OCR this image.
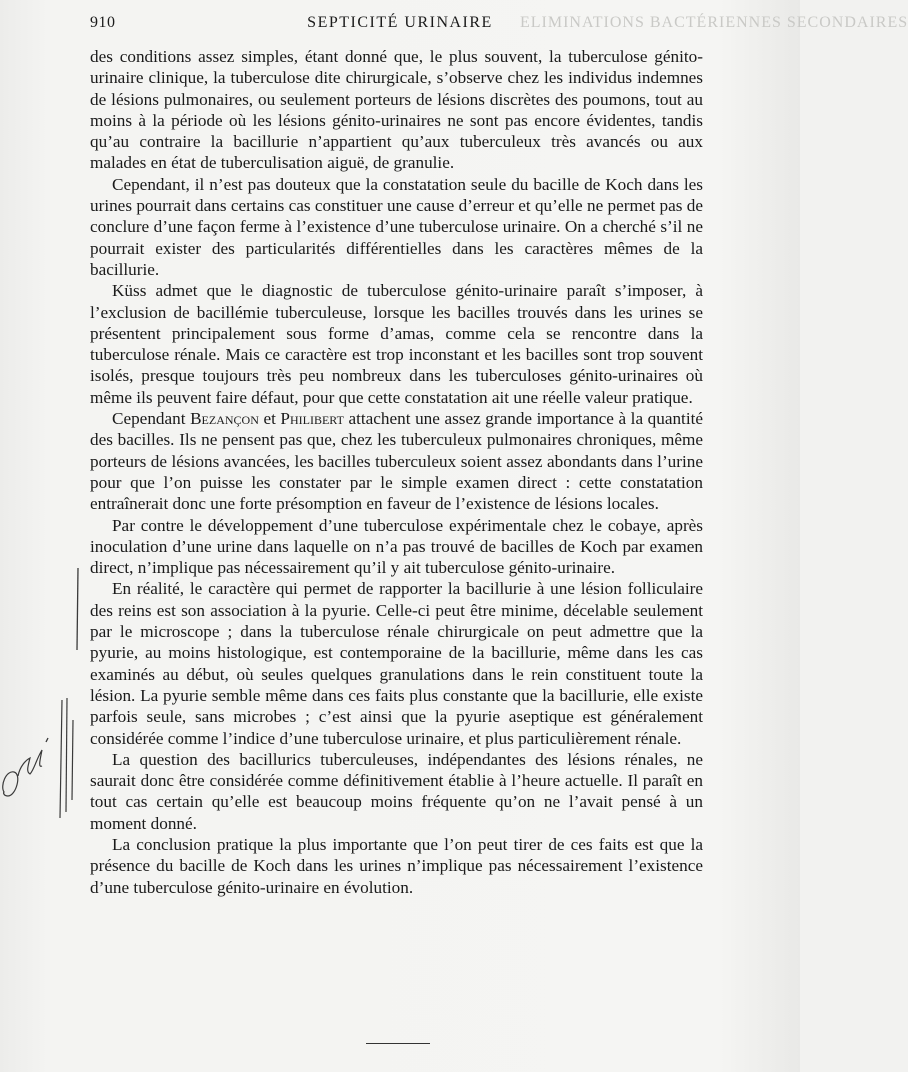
ELIMINATIONS BACTÉRIENNES SECONDAIRES
910	SEPTICITÉ URINAIRE

des conditions assez simples, étant donné que, le plus souvent, la tuberculose génito-urinaire clinique, la tuberculose dite chirurgicale, s’observe chez les individus indemnes de lésions pulmonaires, ou seulement porteurs de lésions discrètes des poumons, tout au moins à la période où les lésions génito-urinaires ne sont pas encore évidentes, tandis qu’au contraire la bacillurie n’appartient qu’aux tuberculeux très avancés ou aux malades en état de tuberculisation aiguë, de granulie.

Cependant, il n’est pas douteux que la constatation seule du bacille de Koch dans les urines pourrait dans certains cas constituer une cause d’erreur et qu’elle ne permet pas de conclure d’une façon ferme à l’existence d’une tuberculose urinaire. On a cherché s’il ne pourrait exister des particularités différentielles dans les caractères mêmes de la bacillurie.

Küss admet que le diagnostic de tuberculose génito-urinaire paraît s’imposer, à l’exclusion de bacillémie tuberculeuse, lorsque les bacilles trouvés dans les urines se présentent principalement sous forme d’amas, comme cela se rencontre dans la tuberculose rénale. Mais ce caractère est trop inconstant et les bacilles sont trop souvent isolés, presque toujours très peu nombreux dans les tuberculoses génito-urinaires où même ils peuvent faire défaut, pour que cette constatation ait une réelle valeur pratique.

Cependant Bezançon et Philibert attachent une assez grande importance à la quantité des bacilles. Ils ne pensent pas que, chez les tuberculeux pulmonaires chroniques, même porteurs de lésions avancées, les bacilles tuberculeux soient assez abondants dans l’urine pour que l’on puisse les constater par le simple examen direct : cette constatation entraînerait donc une forte présomption en faveur de l’existence de lésions locales.

Par contre le développement d’une tuberculose expérimentale chez le cobaye, après inoculation d’une urine dans laquelle on n’a pas trouvé de bacilles de Koch par examen direct, n’implique pas nécessairement qu’il y ait tuberculose génito-urinaire.

En réalité, le caractère qui permet de rapporter la bacillurie à une lésion folliculaire des reins est son association à la pyurie. Celle-ci peut être minime, décelable seulement par le microscope ; dans la tuberculose rénale chirurgicale on peut admettre que la pyurie, au moins histologique, est contemporaine de la bacillurie, même dans les cas examinés au début, où seules quelques granulations dans le rein constituent toute la lésion. La pyurie semble même dans ces faits plus constante que la bacillurie, elle existe parfois seule, sans microbes ; c’est ainsi que la pyurie aseptique est généralement considérée comme l’indice d’une tuberculose urinaire, et plus particulièrement rénale.

La question des bacillurics tuberculeuses, indépendantes des lésions rénales, ne saurait donc être considérée comme définitivement établie à l’heure actuelle. Il paraît en tout cas certain qu’elle est beaucoup moins fréquente qu’on ne l’avait pensé à un moment donné.

La conclusion pratique la plus importante que l’on peut tirer de ces faits est que la présence du bacille de Koch dans les urines n’implique pas nécessairement l’existence d’une tuberculose génito-urinaire en évolution.
